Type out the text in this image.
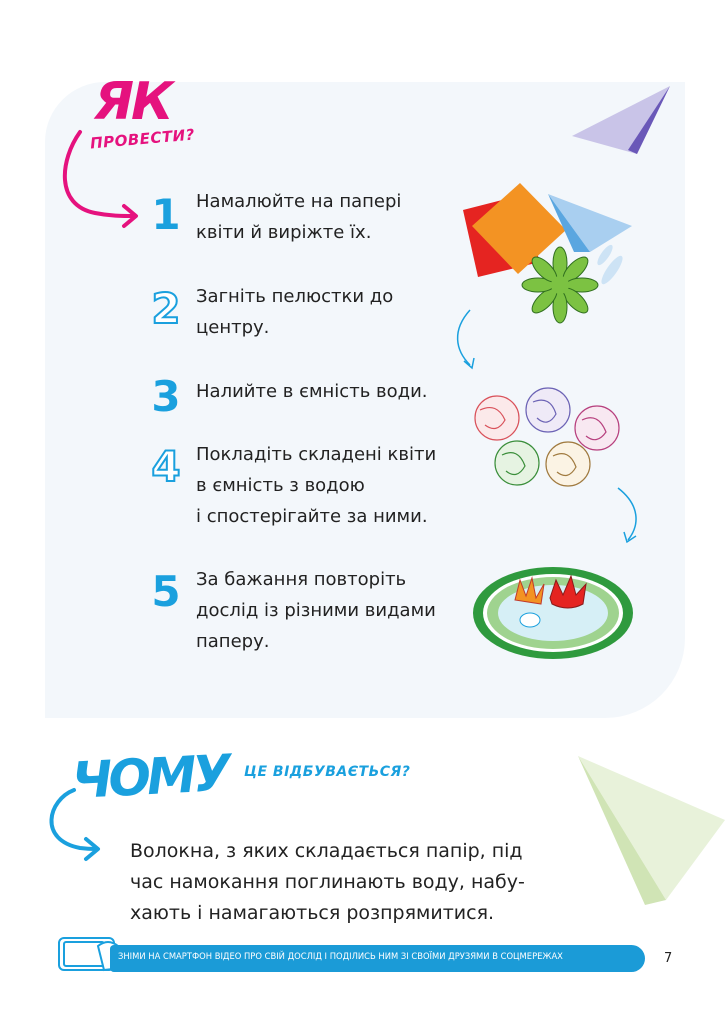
ЯК
ПРОВЕСТИ?
1 Намалюйте на папері
квіти й виріжте їх.
2 Загніть пелюстки до
центру.
3 Налийте в ємність води.
4 Покладіть складені квіти
в ємність з водою
і спостерігайте за ними.
5 За бажання повторіть
дослід із різними видами
паперу.
ЧОМУ ЦЕ ВІДБУВАЄТЬСЯ?
Волокна, з яких складається папір, під
час намокання поглинають воду, набу-
хають і намагаються розпрямитися.
ЗНІМИ НА СМАРТФОН ВІДЕО ПРО СВІЙ ДОСЛІД І ПОДІЛИСЬ НИМ ЗІ СВОЇМИ ДРУЗЯМИ В СОЦМЕРЕЖАХ	7
